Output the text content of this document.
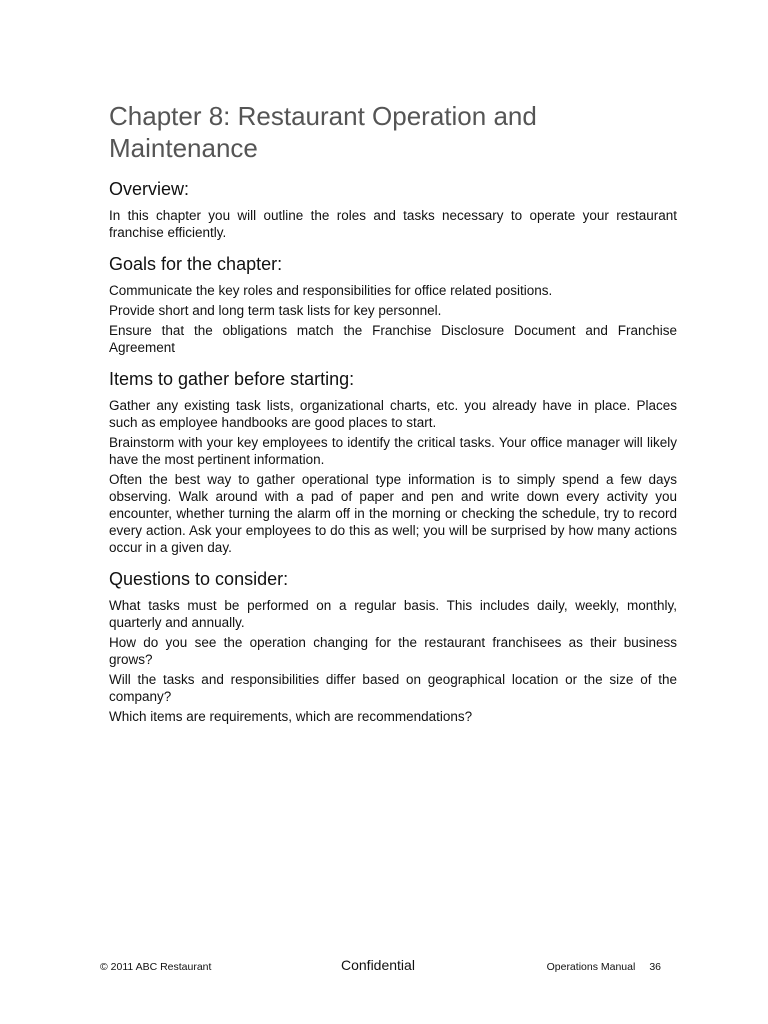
Chapter 8: Restaurant Operation and Maintenance
Overview:

In this chapter you will outline the roles and tasks necessary to operate your restaurant franchise efficiently.

Goals for the chapter:

Communicate the key roles and responsibilities for office related positions.

Provide short and long term task lists for key personnel.

Ensure that the obligations match the Franchise Disclosure Document and Franchise Agreement

Items to gather before starting:

Gather any existing task lists, organizational charts, etc. you already have in place. Places such as employee handbooks are good places to start.

Brainstorm with your key employees to identify the critical tasks. Your office manager will likely have the most pertinent information.

Often the best way to gather operational type information is to simply spend a few days observing. Walk around with a pad of paper and pen and write down every activity you encounter, whether turning the alarm off in the morning or checking the schedule, try to record every action. Ask your employees to do this as well; you will be surprised by how many actions occur in a given day.

Questions to consider:

What tasks must be performed on a regular basis. This includes daily, weekly, monthly, quarterly and annually.

How do you see the operation changing for the restaurant franchisees as their business grows?

Will the tasks and responsibilities differ based on geographical location or the size of the company?

Which items are requirements, which are recommendations?

© 2011 ABC Restaurant	Confidential	Operations Manual 36
